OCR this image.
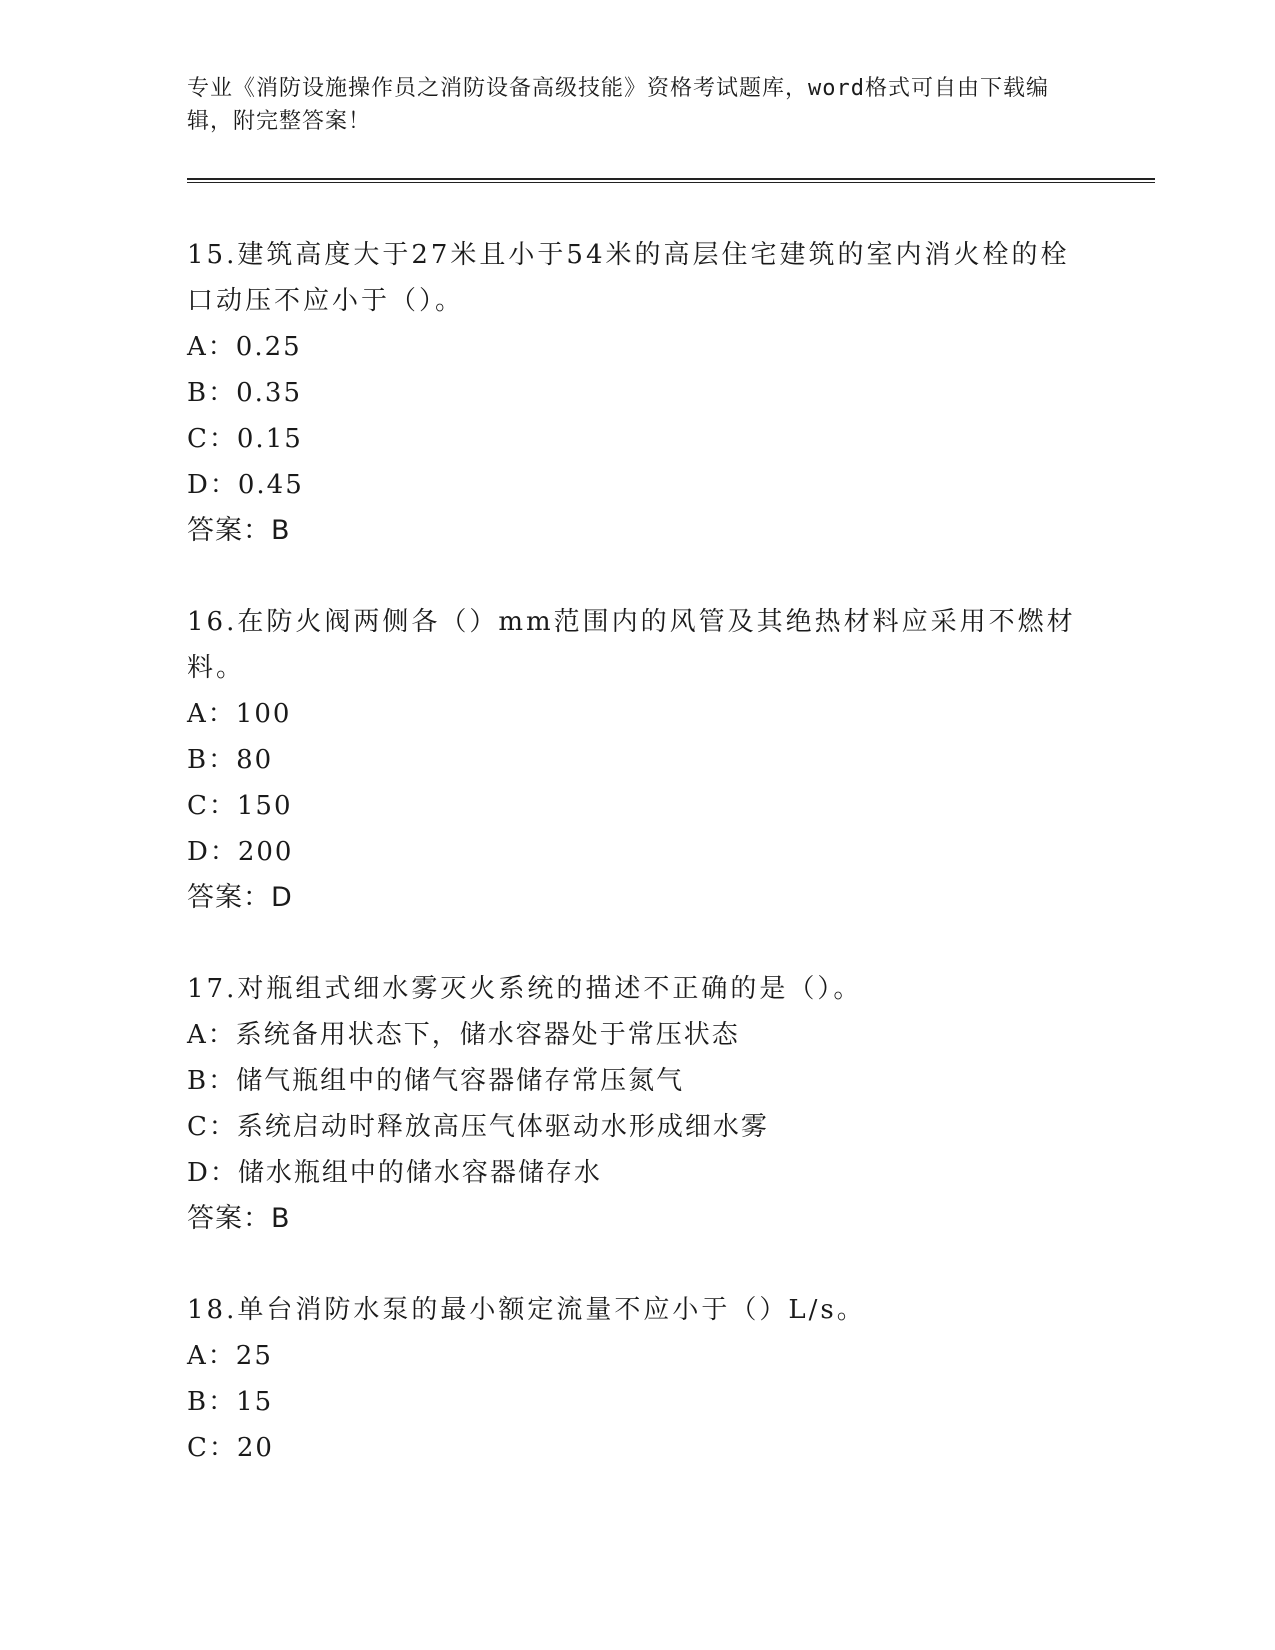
专业《消防设施操作员之消防设备高级技能》资格考试题库，word格式可自由下载编辑，附完整答案！
15.建筑高度大于27米且小于54米的高层住宅建筑的室内消火栓的栓口动压不应小于（）。
A：0.25
B：0.35
C：0.15
D：0.45
答案：B
16.在防火阀两侧各（）mm范围内的风管及其绝热材料应采用不燃材料。
A：100
B：80
C：150
D：200
答案：D
17.对瓶组式细水雾灭火系统的描述不正确的是（）。
A：系统备用状态下，储水容器处于常压状态
B：储气瓶组中的储气容器储存常压氮气
C：系统启动时释放高压气体驱动水形成细水雾
D：储水瓶组中的储水容器储存水
答案：B
18.单台消防水泵的最小额定流量不应小于（）L/s。
A：25
B：15
C：20
